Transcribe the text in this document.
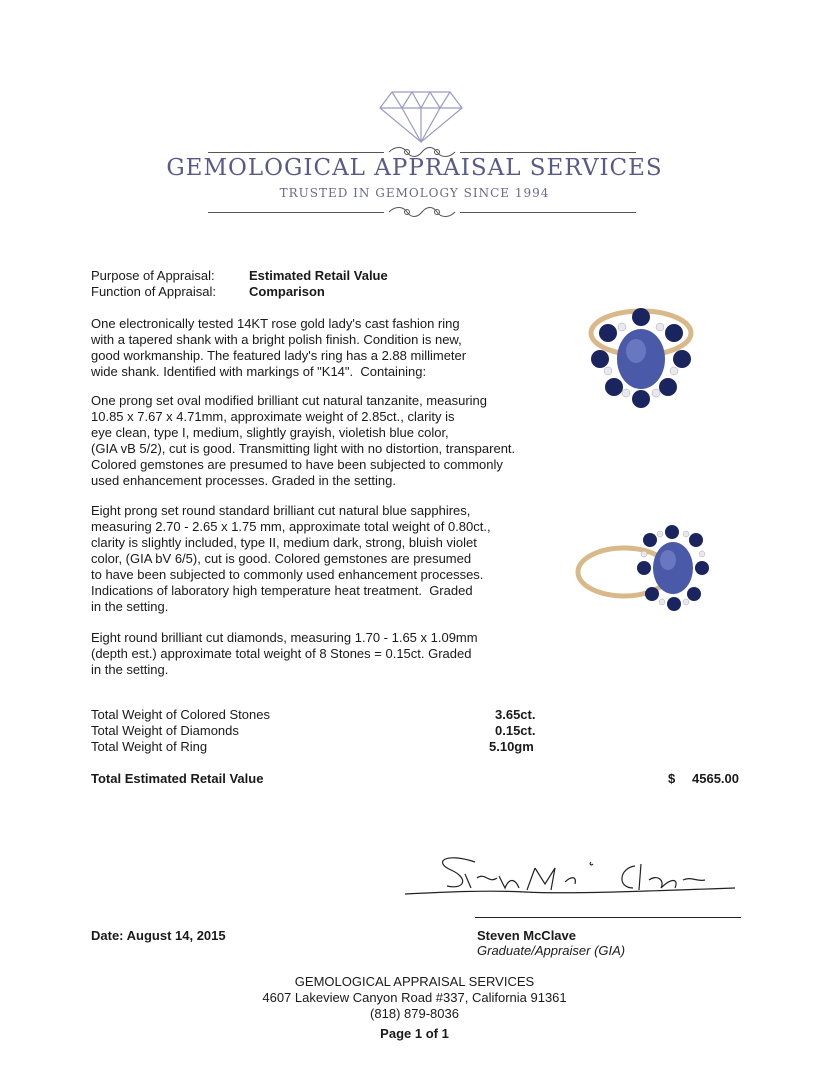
GEMOLOGICAL APPRAISAL SERVICES
TRUSTED IN GEMOLOGY SINCE 1994
Purpose of Appraisal:	Estimated Retail Value
Function of Appraisal:	Comparison
One electronically tested 14KT rose gold lady's cast fashion ring
with a tapered shank with a bright polish finish. Condition is new,
good workmanship. The featured lady's ring has a 2.88 millimeter
wide shank. Identified with markings of "K14".  Containing:
One prong set oval modified brilliant cut natural tanzanite, measuring
10.85 x 7.67 x 4.71mm, approximate weight of 2.85ct., clarity is
eye clean, type I, medium, slightly grayish, violetish blue color,
(GIA vB 5/2), cut is good. Transmitting light with no distortion, transparent.
Colored gemstones are presumed to have been subjected to commonly
used enhancement processes. Graded in the setting.
Eight prong set round standard brilliant cut natural blue sapphires,
measuring 2.70 - 2.65 x 1.75 mm, approximate total weight of 0.80ct.,
clarity is slightly included, type II, medium dark, strong, bluish violet
color, (GIA bV 6/5), cut is good. Colored gemstones are presumed
to have been subjected to commonly used enhancement processes.
Indications of laboratory high temperature heat treatment.  Graded
in the setting.
Eight round brilliant cut diamonds, measuring 1.70 - 1.65 x 1.09mm
(depth est.) approximate total weight of 8 Stones = 0.15ct. Graded
in the setting.
Total Weight of Colored Stones	3.65ct.
Total Weight of Diamonds	0.15ct.
Total Weight of Ring	5.10gm
Total Estimated Retail Value	$ 4565.00
Date: August 14, 2015	Steven McClave
Graduate/Appraiser (GIA)
GEMOLOGICAL APPRAISAL SERVICES
4607 Lakeview Canyon Road #337, California 91361
(818) 879-8036
Page 1 of 1
